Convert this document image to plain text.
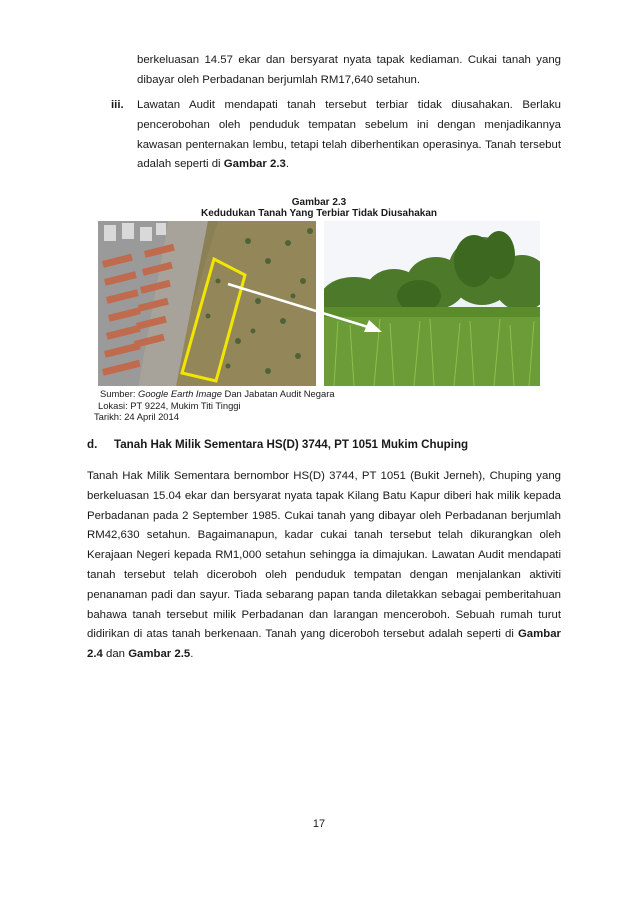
berkeluasan 14.57 ekar dan bersyarat nyata tapak kediaman. Cukai tanah yang
dibayar oleh Perbadanan berjumlah RM17,640 setahun.
iii. Lawatan Audit mendapati tanah tersebut terbiar tidak diusahakan. Berlaku pencerobohan oleh penduduk tempatan sebelum ini dengan menjadikannya kawasan penternakan lembu, tetapi telah diberhentikan operasinya. Tanah tersebut adalah seperti di Gambar 2.3.
Gambar 2.3
Kedudukan Tanah Yang Terbiar Tidak Diusahakan
Sumber: Google Earth Image Dan Jabatan Audit Negara
Lokasi: PT 9224, Mukim Titi Tinggi
Tarikh: 24 April 2014
d. Tanah Hak Milik Sementara HS(D) 3744, PT 1051 Mukim Chuping
Tanah Hak Milik Sementara bernombor HS(D) 3744, PT 1051 (Bukit Jerneh), Chuping yang berkeluasan 15.04 ekar dan bersyarat nyata tapak Kilang Batu Kapur diberi hak milik kepada Perbadanan pada 2 September 1985. Cukai tanah yang dibayar oleh Perbadanan berjumlah RM42,630 setahun. Bagaimanapun, kadar cukai tanah tersebut telah dikurangkan oleh Kerajaan Negeri kepada RM1,000 setahun sehingga ia dimajukan. Lawatan Audit mendapati tanah tersebut telah diceroboh oleh penduduk tempatan dengan menjalankan aktiviti penanaman padi dan sayur. Tiada sebarang papan tanda diletakkan sebagai pemberitahuan bahawa tanah tersebut milik Perbadanan dan larangan menceroboh. Sebuah rumah turut didirikan di atas tanah berkenaan. Tanah yang diceroboh tersebut adalah seperti di Gambar 2.4 dan Gambar 2.5.
17
